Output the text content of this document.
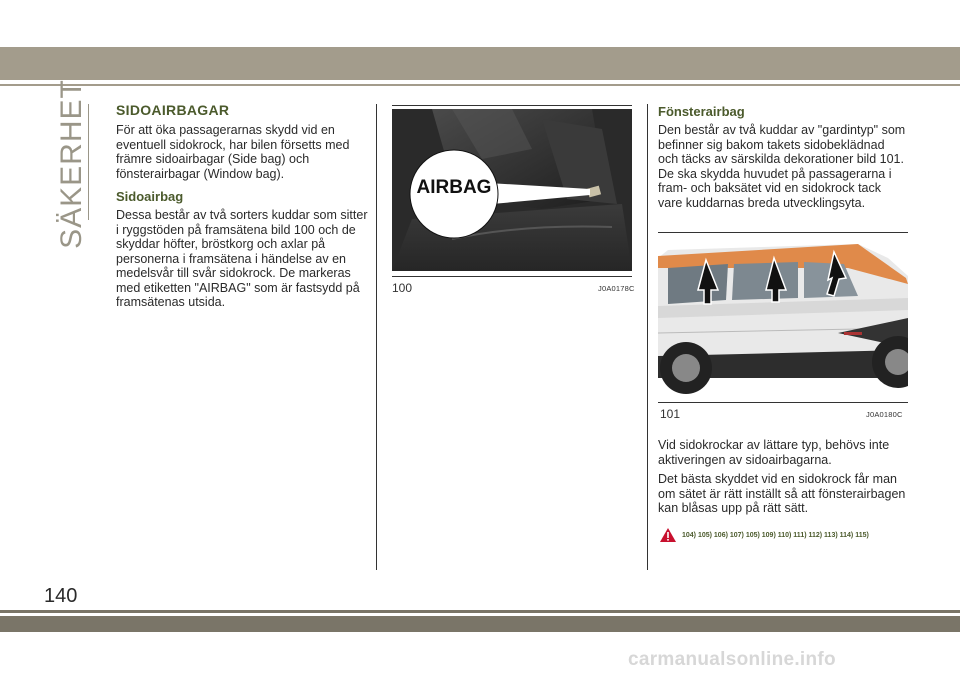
SÄKERHET SIDOAIRBAGAR

För att öka passagerarnas skydd vid en eventuell sidokrock, har bilen försetts med främre sidoairbagar (Side bag) och fönsterairbagar (Window bag).

Sidoairbag

Dessa består av två sorters kuddar som sitter i ryggstöden på framsätena bild 100 och de skyddar höfter, bröstkorg och axlar på personerna i framsätena i händelse av en medelsvår till svår sidokrock. De markeras med etiketten "AIRBAG" som är fastsydd på framsätenas utsida.

AIRBAG
100	J0A0178C
Fönsterairbag

Den består av två kuddar av "gardintyp" som befinner sig bakom takets sidobeklädnad och täcks av särskilda dekorationer bild 101. De ska skydda huvudet på passagerarna i fram- och baksätet vid en sidokrock tack vare kuddarnas breda utvecklingsyta.

101	J0A0180C

Vid sidokrockar av lättare typ, behövs inte aktiveringen av sidoairbagarna.

Det bästa skyddet vid en sidokrock får man om sätet är rätt inställt så att fönsterairbagen kan blåsas upp på rätt sätt.

104) 105) 106) 107) 105) 109) 110) 111) 112) 113) 114) 115)
140
carmanualsonline.info
